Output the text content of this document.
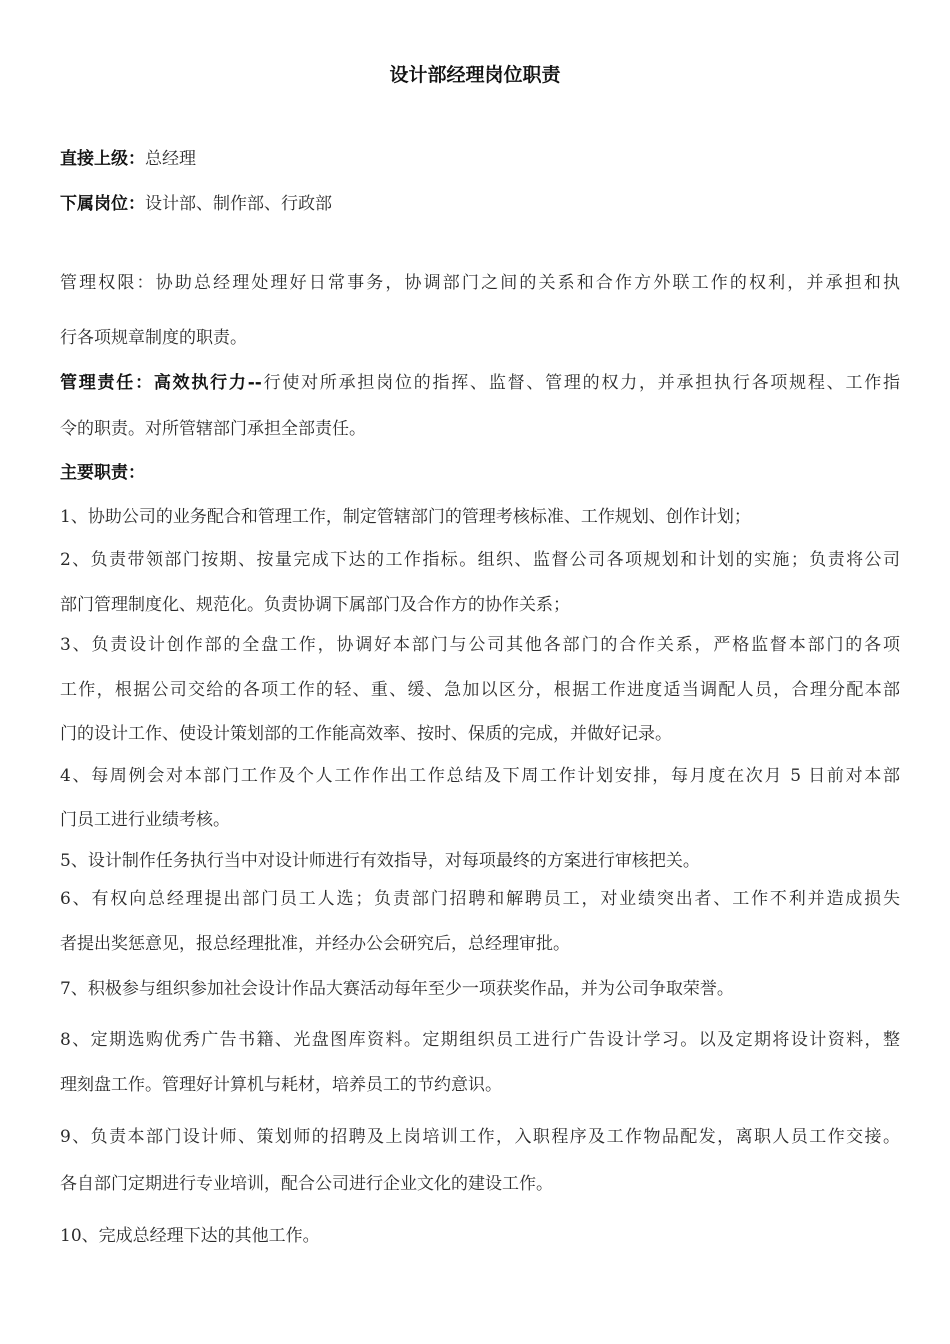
设计部经理岗位职责
直接上级：总经理
下属岗位：设计部、制作部、行政部
管理权限：协助总经理处理好日常事务，协调部门之间的关系和合作方外联工作的权利，并承担和执
行各项规章制度的职责。
管理责任：高效执行力--行使对所承担岗位的指挥、监督、管理的权力，并承担执行各项规程、工作指
令的职责。对所管辖部门承担全部责任。
主要职责：
1、协助公司的业务配合和管理工作，制定管辖部门的管理考核标准、工作规划、创作计划；
2、负责带领部门按期、按量完成下达的工作指标。组织、监督公司各项规划和计划的实施；负责将公司
部门管理制度化、规范化。负责协调下属部门及合作方的协作关系；
3、负责设计创作部的全盘工作，协调好本部门与公司其他各部门的合作关系，严格监督本部门的各项
工作，根据公司交给的各项工作的轻、重、缓、急加以区分，根据工作进度适当调配人员，合理分配本部
门的设计工作、使设计策划部的工作能高效率、按时、保质的完成，并做好记录。
4、每周例会对本部门工作及个人工作作出工作总结及下周工作计划安排，每月度在次月 5 日前对本部
门员工进行业绩考核。
5、设计制作任务执行当中对设计师进行有效指导，对每项最终的方案进行审核把关。
6、有权向总经理提出部门员工人选；负责部门招聘和解聘员工，对业绩突出者、工作不利并造成损失
者提出奖惩意见，报总经理批准，并经办公会研究后，总经理审批。
7、积极参与组织参加社会设计作品大赛活动每年至少一项获奖作品，并为公司争取荣誉。
8、定期选购优秀广告书籍、光盘图库资料。定期组织员工进行广告设计学习。以及定期将设计资料，整
理刻盘工作。管理好计算机与耗材，培养员工的节约意识。
9、负责本部门设计师、策划师的招聘及上岗培训工作，入职程序及工作物品配发，离职人员工作交接。
各自部门定期进行专业培训，配合公司进行企业文化的建设工作。
10、完成总经理下达的其他工作。
